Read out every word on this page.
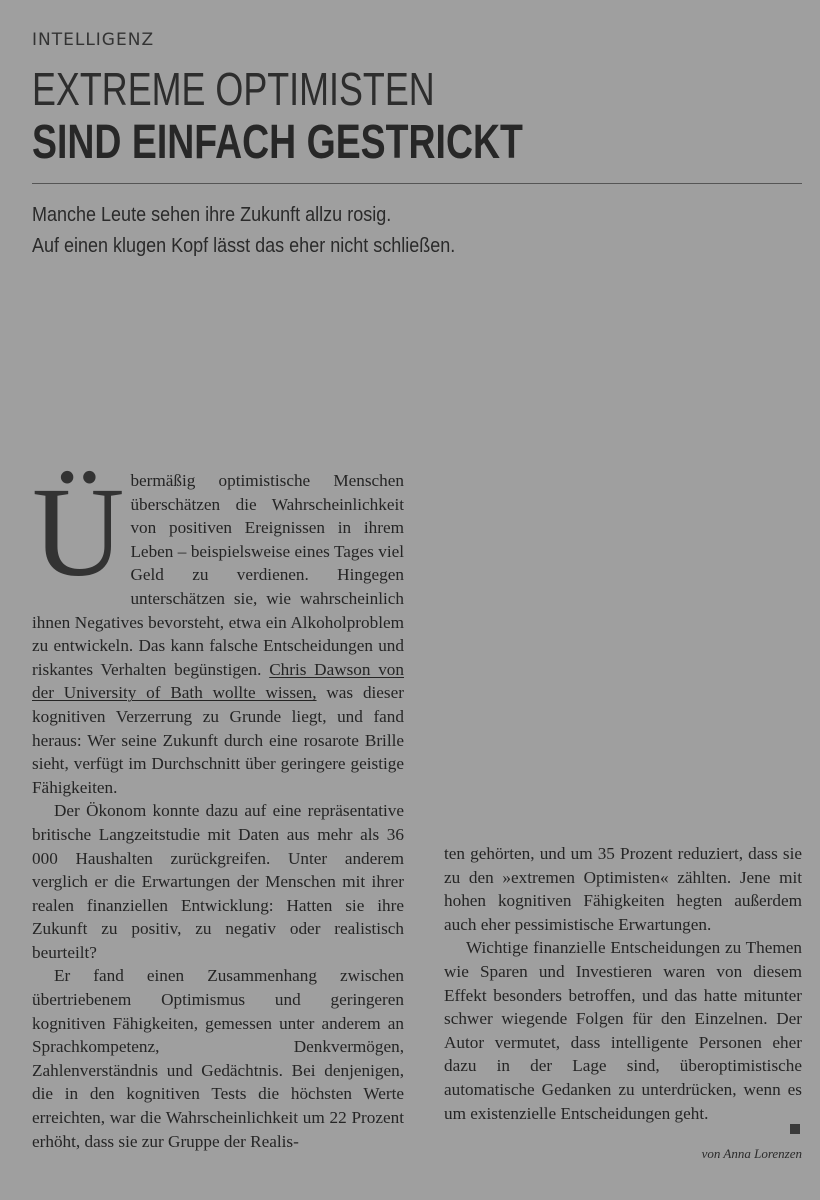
INTELLIGENZ
EXTREME OPTIMISTEN
SIND EINFACH GESTRICKT
Manche Leute sehen ihre Zukunft allzu rosig.
Auf einen klugen Kopf lässt das eher nicht schließen.

Übermäßig optimistische Menschen überschätzen die Wahrscheinlichkeit von positiven Ereignissen in ihrem Leben – beispielsweise eines Tages viel Geld zu verdienen. Hingegen unterschätzen sie, wie wahrscheinlich ihnen Negatives bevorsteht, etwa ein Alkoholproblem zu entwickeln. Das kann falsche Entscheidungen und riskantes Verhalten begünstigen. Chris Dawson von der University of Bath wollte wissen, was dieser kognitiven Verzerrung zu Grunde liegt, und fand heraus: Wer seine Zukunft durch eine rosarote Brille sieht, verfügt im Durchschnitt über geringere geistige Fähigkeiten.

Der Ökonom konnte dazu auf eine repräsentative britische Langzeitstudie mit Daten aus mehr als 36 000 Haushalten zurückgreifen. Unter anderem verglich er die Erwartungen der Menschen mit ihrer realen finanziellen Entwicklung: Hatten sie ihre Zukunft zu positiv, zu negativ oder realistisch beurteilt?

Er fand einen Zusammenhang zwischen übertriebenem Optimismus und geringeren kognitiven Fähigkeiten, gemessen unter anderem an Sprachkompetenz, Denkvermögen, Zahlenverständnis und Gedächtnis. Bei denjenigen, die in den kognitiven Tests die höchsten Werte erreichten, war die Wahrscheinlichkeit um 22 Prozent erhöht, dass sie zur Gruppe der Realis-

ten gehörten, und um 35 Prozent reduziert, dass sie zu den »extremen Optimisten« zählten. Jene mit hohen kognitiven Fähigkeiten hegten außerdem auch eher pessimistische Erwartungen.

Wichtige finanzielle Entscheidungen zu Themen wie Sparen und Investieren waren von diesem Effekt besonders betroffen, und das hatte mitunter schwer wiegende Folgen für den Einzelnen. Der Autor vermutet, dass intelligente Personen eher dazu in der Lage sind, überoptimistische automatische Gedanken zu unterdrücken, wenn es um existenzielle Entscheidungen geht.

von Anna Lorenzen
